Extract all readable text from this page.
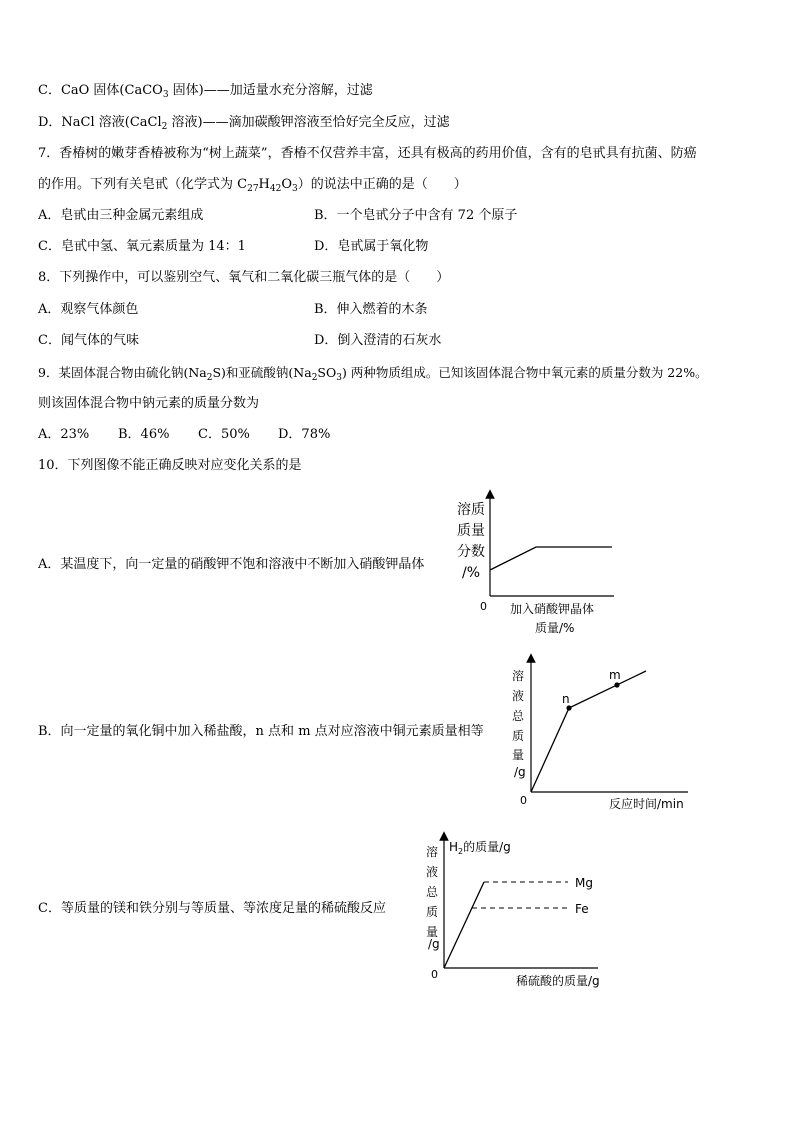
C．CaO 固体(CaCO$_3$ 固体)——加适量水充分溶解，过滤
D．NaCl 溶液(CaCl$_2$ 溶液)——滴加碳酸钾溶液至恰好完全反应，过滤
7．香椿树的嫩芽香椿被称为“树上蔬菜”，香椿不仅营养丰富，还具有极高的药用价值，含有的皂甙具有抗菌、防癌
的作用。下列有关皂甙（化学式为 $C_{27}H_{42}O_3$）的说法中正确的是（　　）
A．皂甙由三种金属元素组成	B．一个皂甙分子中含有 72 个原子
C．皂甙中氢、氧元素质量为 14：1	D．皂甙属于氧化物
8．下列操作中，可以鉴别空气、氧气和二氧化碳三瓶气体的是（　　）
A．观察气体颜色	B．伸入燃着的木条
C．闻气体的气味	D．倒入澄清的石灰水
9．某固体混合物由硫化钠$(Na_2S)$和亚硫酸钠$(Na_2SO_3)$ 两种物质组成。已知该固体混合物中氧元素的质量分数为 22%。
则该固体混合物中钠元素的质量分数为
A．23% B．46% C．50% D．78%
10．下列图像不能正确反映对应变化关系的是
A．某温度下，向一定量的硝酸钾不饱和溶液中不断加入硝酸钾晶体
溶质
质量
分数
/%
0 加入硝酸钾晶体
质量/%
B．向一定量的氧化铜中加入稀盐酸，n 点和 m 点对应溶液中铜元素质量相等
n
m
溶
液
总
质
量
/g
0	反应时间/min
C．等质量的镁和铁分别与等质量、等浓度足量的稀硫酸反应
Mg
Fe
$H_2$的质量/g
溶
液
总
质
量
/g
0	稀硫酸的质量/g
